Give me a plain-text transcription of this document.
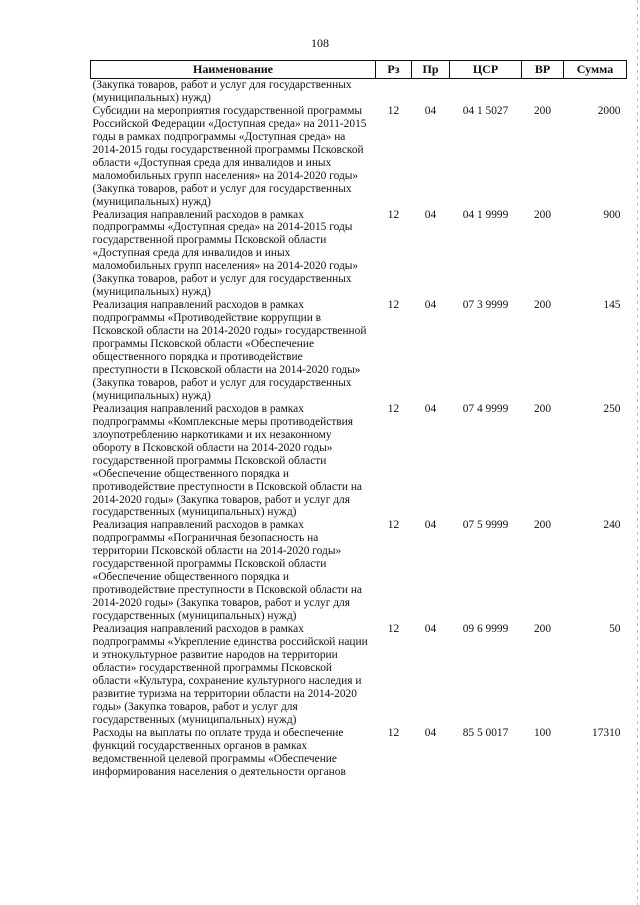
108
Наименование	Рз	Пр	ЦСР	ВР	Сумма
(Закупка товаров, работ и услуг для государственных (муниципальных) нужд)					
Субсидии на мероприятия государственной программы Российской Федерации «Доступная среда» на 2011-2015 годы в рамках подпрограммы «Доступная среда» на 2014-2015 годы государственной программы Псковской области «Доступная среда для инвалидов и иных маломобильных групп населения» на 2014-2020 годы» (Закупка товаров, работ и услуг для государственных (муниципальных) нужд)	12	04	04 1 5027	200	2000
Реализация направлений расходов в рамках подпрограммы «Доступная среда» на 2014-2015 годы государственной программы Псковской области «Доступная среда для инвалидов и иных маломобильных групп населения» на 2014-2020 годы» (Закупка товаров, работ и услуг для государственных (муниципальных) нужд)	12	04	04 1 9999	200	900
Реализация направлений расходов в рамках подпрограммы «Противодействие коррупции в Псковской области на 2014-2020 годы» государственной программы Псковской области «Обеспечение общественного порядка и противодействие преступности в Псковской области на 2014-2020 годы» (Закупка товаров, работ и услуг для государственных (муниципальных) нужд)	12	04	07 3 9999	200	145
Реализация направлений расходов в рамках подпрограммы «Комплексные меры противодействия злоупотреблению наркотиками и их незаконному обороту в Псковской области на 2014-2020 годы» государственной программы Псковской области «Обеспечение общественного порядка и противодействие преступности в Псковской области на 2014-2020 годы» (Закупка товаров, работ и услуг для государственных (муниципальных) нужд)	12	04	07 4 9999	200	250
Реализация направлений расходов в рамках подпрограммы «Пограничная безопасность на территории Псковской области на 2014-2020 годы» государственной программы Псковской области «Обеспечение общественного порядка и противодействие преступности в Псковской области на 2014-2020 годы» (Закупка товаров, работ и услуг для государственных (муниципальных) нужд)	12	04	07 5 9999	200	240
Реализация направлений расходов в рамках подпрограммы «Укрепление единства российской нации и этнокультурное развитие народов на территории области» государственной программы Псковской области «Культура, сохранение культурного наследия и развитие туризма на территории области на 2014-2020 годы» (Закупка товаров, работ и услуг для государственных (муниципальных) нужд)	12	04	09 6 9999	200	50
Расходы на выплаты по оплате труда и обеспечение функций государственных органов в рамках ведомственной целевой программы «Обеспечение информирования населения о деятельности органов	12	04	85 5 0017	100	17310
